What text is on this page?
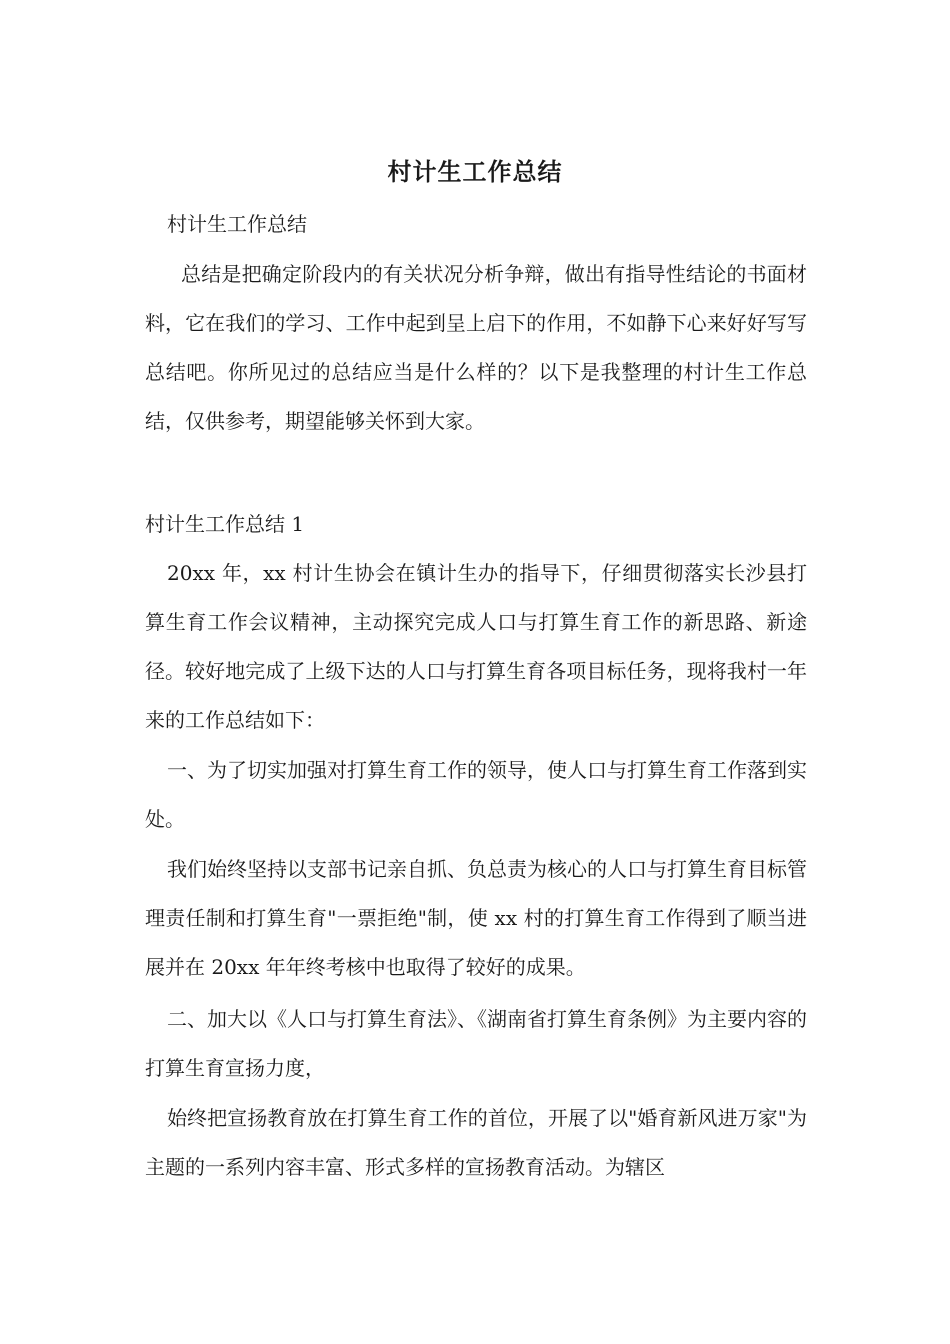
村计生工作总结

村计生工作总结

总结是把确定阶段内的有关状况分析争辩，做出有指导性结论的书面材料，它在我们的学习、工作中起到呈上启下的作用，不如静下心来好好写写总结吧。你所见过的总结应当是什么样的？以下是我整理的村计生工作总结，仅供参考，期望能够关怀到大家。

村计生工作总结 1

20xx 年，xx 村计生协会在镇计生办的指导下，仔细贯彻落实长沙县打算生育工作会议精神，主动探究完成人口与打算生育工作的新思路、新途径。较好地完成了上级下达的人口与打算生育各项目标任务，现将我村一年来的工作总结如下：

一、为了切实加强对打算生育工作的领导，使人口与打算生育工作落到实处。

我们始终坚持以支部书记亲自抓、负总责为核心的人口与打算生育目标管理责任制和打算生育"一票拒绝"制，使 xx 村的打算生育工作得到了顺当进展并在 20xx 年年终考核中也取得了较好的成果。

二、加大以《人口与打算生育法》、《湖南省打算生育条例》为主要内容的打算生育宣扬力度，

始终把宣扬教育放在打算生育工作的首位，开展了以"婚育新风进万家"为主题的一系列内容丰富、形式多样的宣扬教育活动。为辖区
